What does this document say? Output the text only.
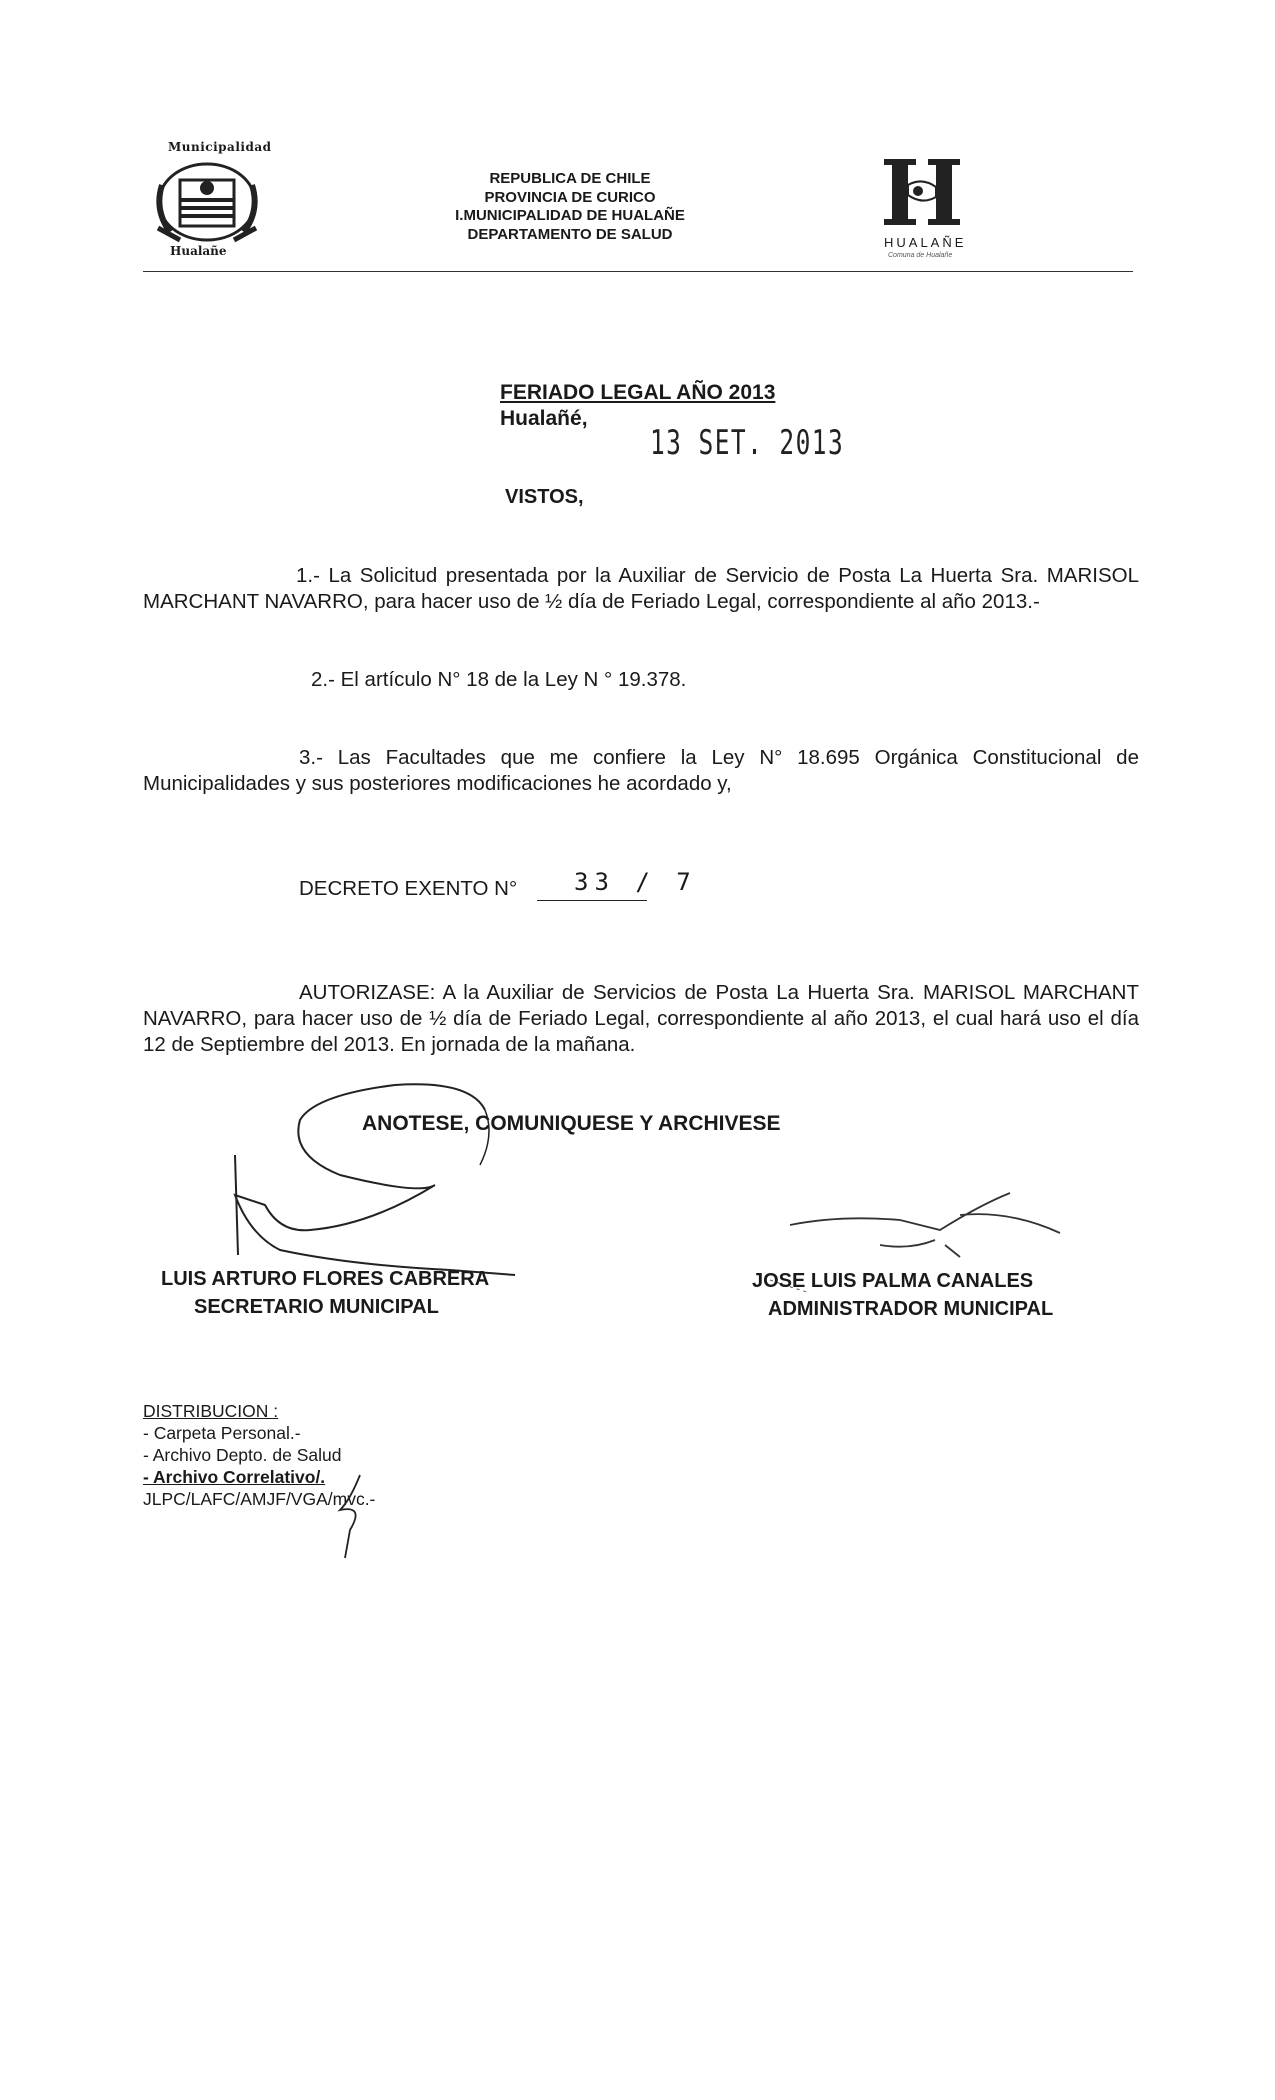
Municipalidad
Hualañe
REPUBLICA DE CHILE
PROVINCIA DE CURICO
I.MUNICIPALIDAD DE HUALAÑE
DEPARTAMENTO DE SALUD	HUALAÑE
Comuna de Hualañe
FERIADO LEGAL AÑO 2013
Hualañé,
13 SET. 2013
VISTOS,
1.- La Solicitud presentada por la Auxiliar de Servicio de Posta La Huerta Sra. MARISOL MARCHANT NAVARRO, para hacer uso de ½ día de Feriado Legal, correspondiente al año 2013.-
2.- El artículo N° 18 de la Ley N ° 19.378.
3.- Las Facultades que me confiere la Ley N° 18.695 Orgánica Constitucional de Municipalidades y sus posteriores modificaciones he acordado y,
DECRETO EXENTO N° 33 / 7
AUTORIZASE: A la Auxiliar de Servicios de Posta La Huerta Sra. MARISOL MARCHANT NAVARRO, para hacer uso de ½ día de Feriado Legal, correspondiente al año 2013, el cual hará uso el día 12 de Septiembre del 2013. En jornada de la mañana.
ANOTESE, COMUNIQUESE Y ARCHIVESE
LUIS ARTURO FLORES CABRERA
SECRETARIO MUNICIPAL
JOSE LUIS PALMA CANALES
ADMINISTRADOR MUNICIPAL
DISTRIBUCION :
- Carpeta Personal.-
- Archivo Depto. de Salud
- Archivo Correlativo/.
JLPC/LAFC/AMJF/VGA/mvc.-
